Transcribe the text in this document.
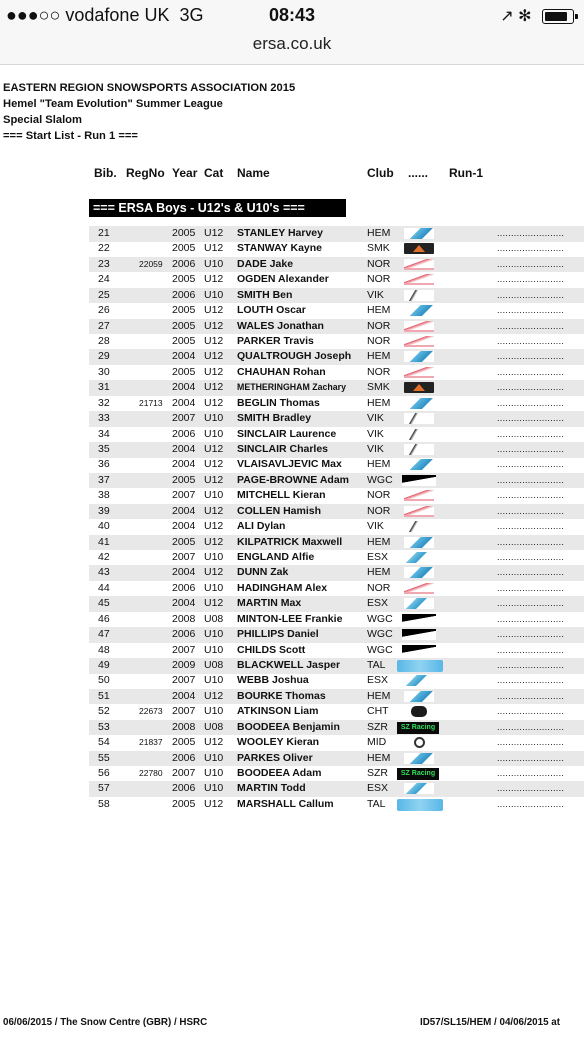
●●●○○ vodafone UK 3G	08:43	↗ ✻
ersa.co.uk
EASTERN REGION SNOWSPORTS ASSOCIATION 2015
Hemel "Team Evolution" Summer League
Special Slalom
=== Start List - Run 1 ===
Bib. RegNo Year Cat Name	Club ...... Run-1
=== ERSA Boys - U12's & U10's ===
21	2005 U12 STANLEY Harvey	HEM	........................
22	2005 U12 STANWAY Kayne	SMK	........................
23	22059 2006 U10 DADE Jake	NOR	........................
24	2005 U12 OGDEN Alexander	NOR	........................
25	2006 U10 SMITH Ben	VIK	........................
26	2005 U12 LOUTH Oscar	HEM	........................
27	2005 U12 WALES Jonathan	NOR	........................
28	2005 U12 PARKER Travis	NOR	........................
29	2004 U12 QUALTROUGH Joseph HEM	........................
30	2005 U12 CHAUHAN Rohan	NOR	........................
31	2004 U12 METHERINGHAM Zachary SMK	........................
32	21713 2004 U12 BEGLIN Thomas	HEM	........................
33	2007 U10 SMITH Bradley	VIK	........................
34	2006 U10 SINCLAIR Laurence	VIK	........................
35	2004 U12 SINCLAIR Charles	VIK	........................
36	2004 U12 VLAISAVLJEVIC Max HEM	........................
37	2005 U12 PAGE-BROWNE Adam WGC	........................
38	2007 U10 MITCHELL Kieran	NOR	........................
39	2004 U12 COLLEN Hamish	NOR	........................
40	2004 U12 ALI Dylan	VIK	........................
41	2005 U12 KILPATRICK Maxwell HEM	........................
42	2007 U10 ENGLAND Alfie	ESX	........................
43	2004 U12 DUNN Zak	HEM	........................
44	2006 U10 HADINGHAM Alex	NOR	........................
45	2004 U12 MARTIN Max	ESX	........................
46	2008 U08 MINTON-LEE Frankie WGC	........................
47	2006 U10 PHILLIPS Daniel	WGC	........................
48	2007 U10 CHILDS Scott	WGC	........................
49	2009 U08 BLACKWELL Jasper	TAL	........................
50	2007 U10 WEBB Joshua	ESX	........................
51	2004 U12 BOURKE Thomas	HEM	........................
52	22673 2007 U10 ATKINSON Liam	CHT	........................
53	2008 U08 BOODEEA Benjamin	SZR	SZ Racing	........................
54	21837 2005 U12 WOOLEY Kieran	MID	........................
55	2006 U10 PARKES Oliver	HEM	........................
56	22780 2007 U10 BOODEEA Adam	SZR	SZ Racing	........................
57	2006 U10 MARTIN Todd	ESX	........................
58	2005 U12 MARSHALL Callum	TAL	........................
06/06/2015 / The Snow Centre (GBR) / HSRC	ID57/SL15/HEM / 04/06/2015 at
